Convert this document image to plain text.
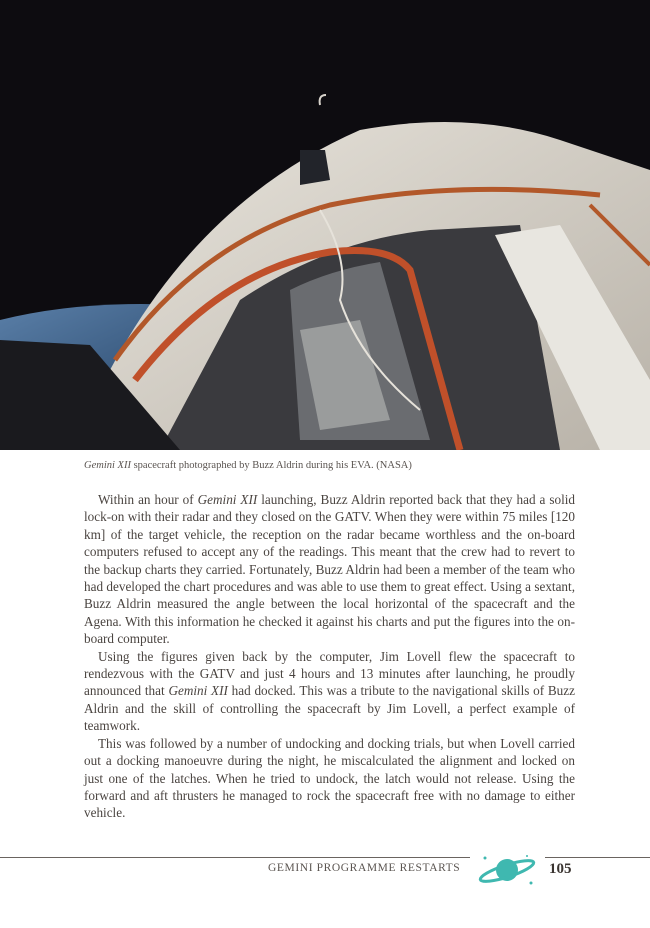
Gemini XII spacecraft photographed by Buzz Aldrin during his EVA. (NASA)

Within an hour of Gemini XII launching, Buzz Aldrin reported back that they had a solid lock-on with their radar and they closed on the GATV. When they were within 75 miles [120 km] of the target vehicle, the reception on the radar became worthless and the on-board computers refused to accept any of the readings. This meant that the crew had to revert to the backup charts they carried. Fortunately, Buzz Aldrin had been a member of the team who had developed the chart procedures and was able to use them to great effect. Using a sextant, Buzz Aldrin measured the angle between the local horizontal of the spacecraft and the Agena. With this information he checked it against his charts and put the figures into the on-board computer.

Using the figures given back by the computer, Jim Lovell flew the spacecraft to rendezvous with the GATV and just 4 hours and 13 minutes after launching, he proudly announced that Gemini XII had docked. This was a tribute to the navigational skills of Buzz Aldrin and the skill of controlling the spacecraft by Jim Lovell, a perfect example of teamwork.

This was followed by a number of undocking and docking trials, but when Lovell carried out a docking manoeuvre during the night, he miscalculated the alignment and locked on just one of the latches. When he tried to undock, the latch would not release. Using the forward and aft thrusters he managed to rock the spacecraft free with no damage to either vehicle.

GEMINI PROGRAMME RESTARTS	105
